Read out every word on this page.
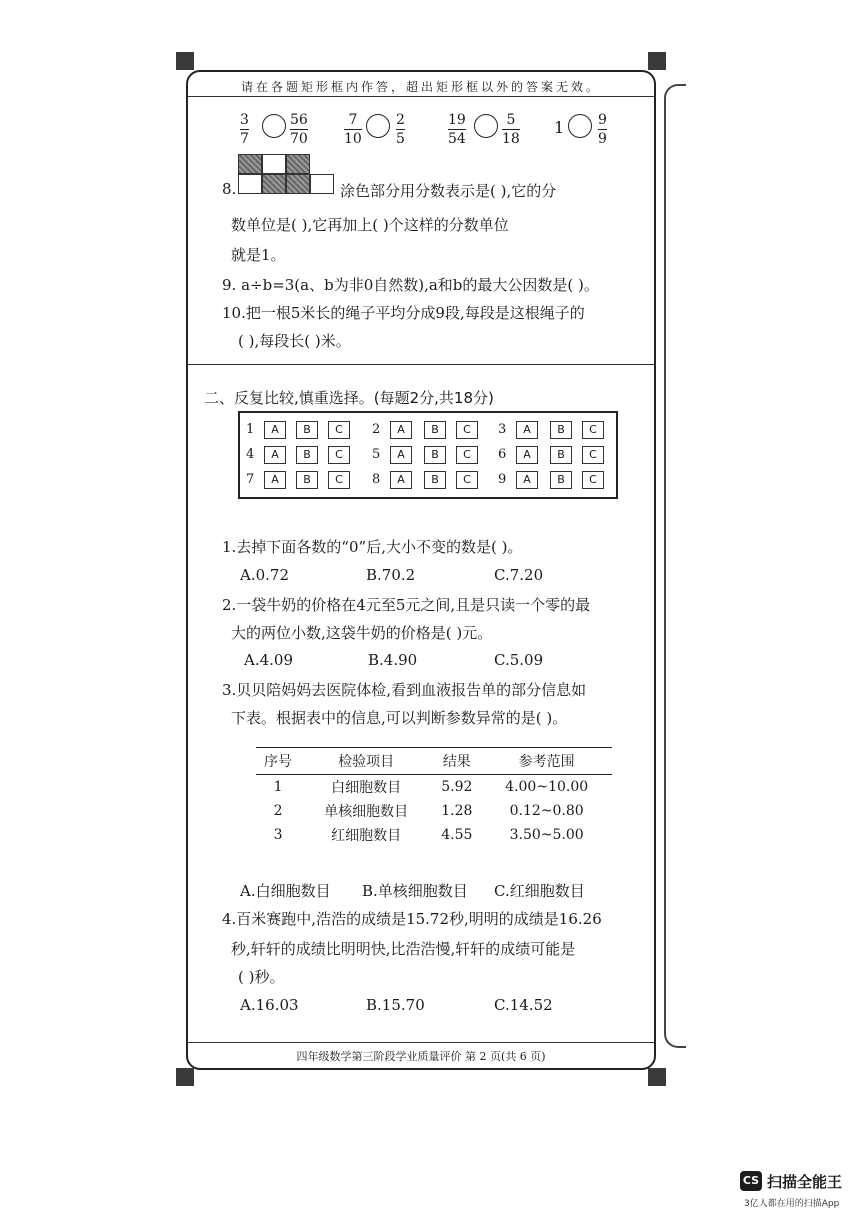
请在各题矩形框内作答，超出矩形框以外的答案无效。
四年级数学第三阶段学业质量评价 第 2 页(共 6 页)
3
7
56
70
7
10
2
5
19
54
5
18
1 9
9
8.	涂色部分用分数表示是( ),它的分
数单位是( ),它再加上( )个这样的分数单位
就是1。
9. a÷b=3(a、b为非0自然数),a和b的最大公因数是( )。
10.把一根5米长的绳子平均分成9段,每段是这根绳子的
( ),每段长( )米。
二、反复比较,慎重选择。(每题2分,共18分)
1	A	B	C	2	A	B	C	3	A	B	C
4	A	B	C	5	A	B	C	6	A	B	C
7	A	B	C	8	A	B	C	9	A	B	C
1.去掉下面各数的“0”后,大小不变的数是( )。
A.0.72	B.70.2	C.7.20
2.一袋牛奶的价格在4元至5元之间,且是只读一个零的最
大的两位小数,这袋牛奶的价格是( )元。
A.4.09	B.4.90	C.5.09
3.贝贝陪妈妈去医院体检,看到血液报告单的部分信息如
下表。根据表中的信息,可以判断参数异常的是( )。
序号	检验项目	结果	参考范围
1	白细胞数目	5.92	4.00~10.00
2	单核细胞数目	1.28	0.12~0.80
3	红细胞数目	4.55	3.50~5.00
A.白细胞数目 B.单核细胞数目 C.红细胞数目
4.百米赛跑中,浩浩的成绩是15.72秒,明明的成绩是16.26
秒,轩轩的成绩比明明快,比浩浩慢,轩轩的成绩可能是
( )秒。
A.16.03	B.15.70	C.14.52
CS 扫描全能王
3亿人都在用的扫描App
